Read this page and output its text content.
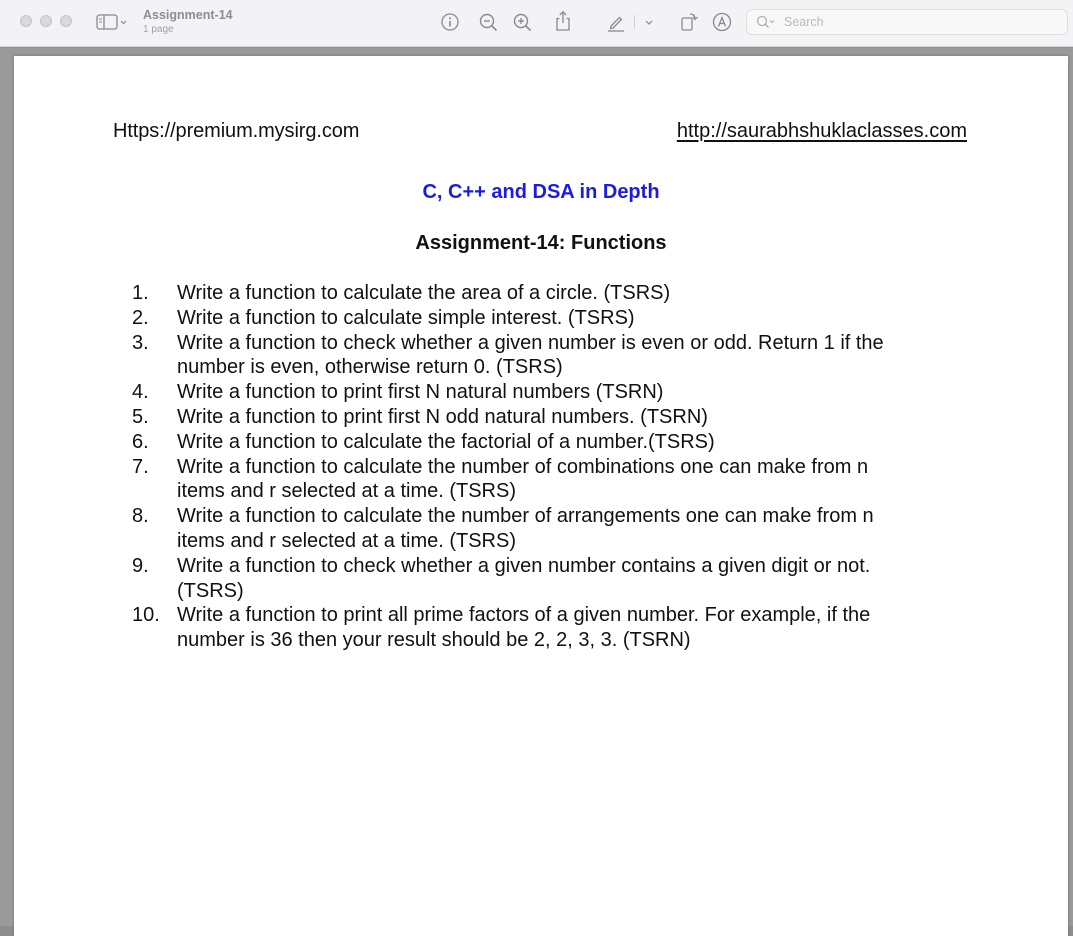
Assignment-14
1 page
Search
Https://premium.mysirg.com	http://saurabhshuklaclasses.com
C, C++ and DSA in Depth
Assignment-14: Functions
1.	Write a function to calculate the area of a circle. (TSRS)
2.	Write a function to calculate simple interest. (TSRS)
3.	Write a function to check whether a given number is even or odd. Return 1 if the
number is even, otherwise return 0. (TSRS)
4.	Write a function to print first N natural numbers (TSRN)
5.	Write a function to print first N odd natural numbers. (TSRN)
6.	Write a function to calculate the factorial of a number.(TSRS)
7.	Write a function to calculate the number of combinations one can make from n
items and r selected at a time. (TSRS)
8.	Write a function to calculate the number of arrangements one can make from n
items and r selected at a time. (TSRS)
9.	Write a function to check whether a given number contains a given digit or not.
(TSRS)
10. Write a function to print all prime factors of a given number. For example, if the
number is 36 then your result should be 2, 2, 3, 3. (TSRN)
